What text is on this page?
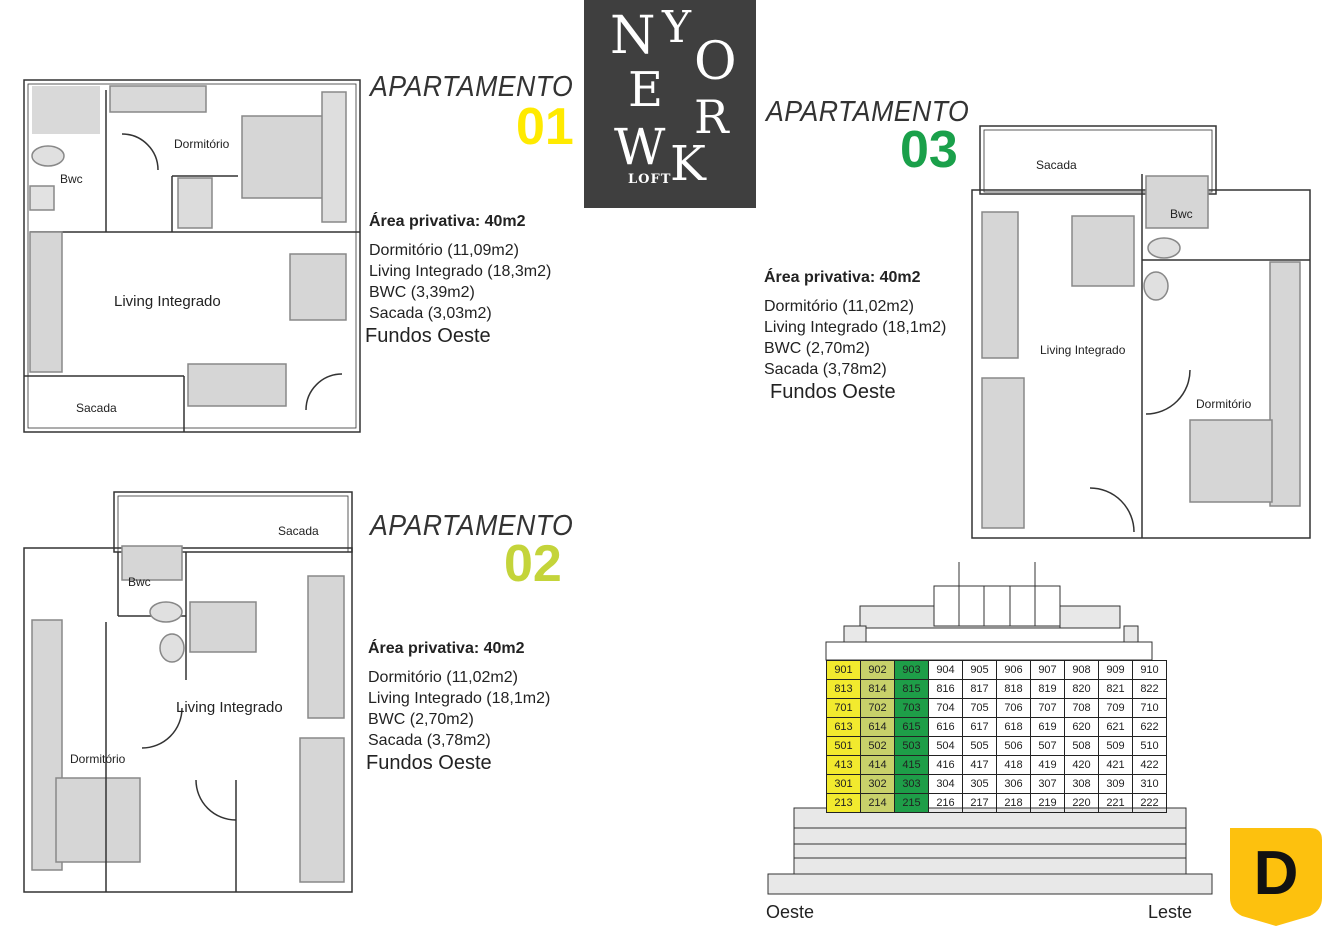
Dormitório
Bwc
Living Integrado
Sacada
Sacada
Bwc
Living Integrado
Dormitório
Sacada
Bwc
Living Integrado
Dormitório
APARTAMENTO
01
APARTAMENTO
02
APARTAMENTO
03
Área privativa: 40m2
Dormitório (11,09m2)
Living Integrado (18,3m2)
BWC (3,39m2)
Sacada (3,03m2)
Fundos Oeste
Área privativa: 40m2
Dormitório (11,02m2)
Living Integrado (18,1m2)
BWC (2,70m2)
Sacada (3,78m2)
Fundos Oeste
Área privativa: 40m2
Dormitório (11,02m2)
Living Integrado (18,1m2)
BWC (2,70m2)
Sacada (3,78m2)
Fundos Oeste
N Y
O
E R
W K
LOFT
901	902	903	904	905	906	907	908	909	910
813	814	815	816	817	818	819	820	821	822
701	702	703	704	705	706	707	708	709	710
613	614	615	616	617	618	619	620	621	622
501	502	503	504	505	506	507	508	509	510
413	414	415	416	417	418	419	420	421	422
301	302	303	304	305	306	307	308	309	310
213	214	215	216	217	218	219	220	221	222
Oeste	Leste
D
